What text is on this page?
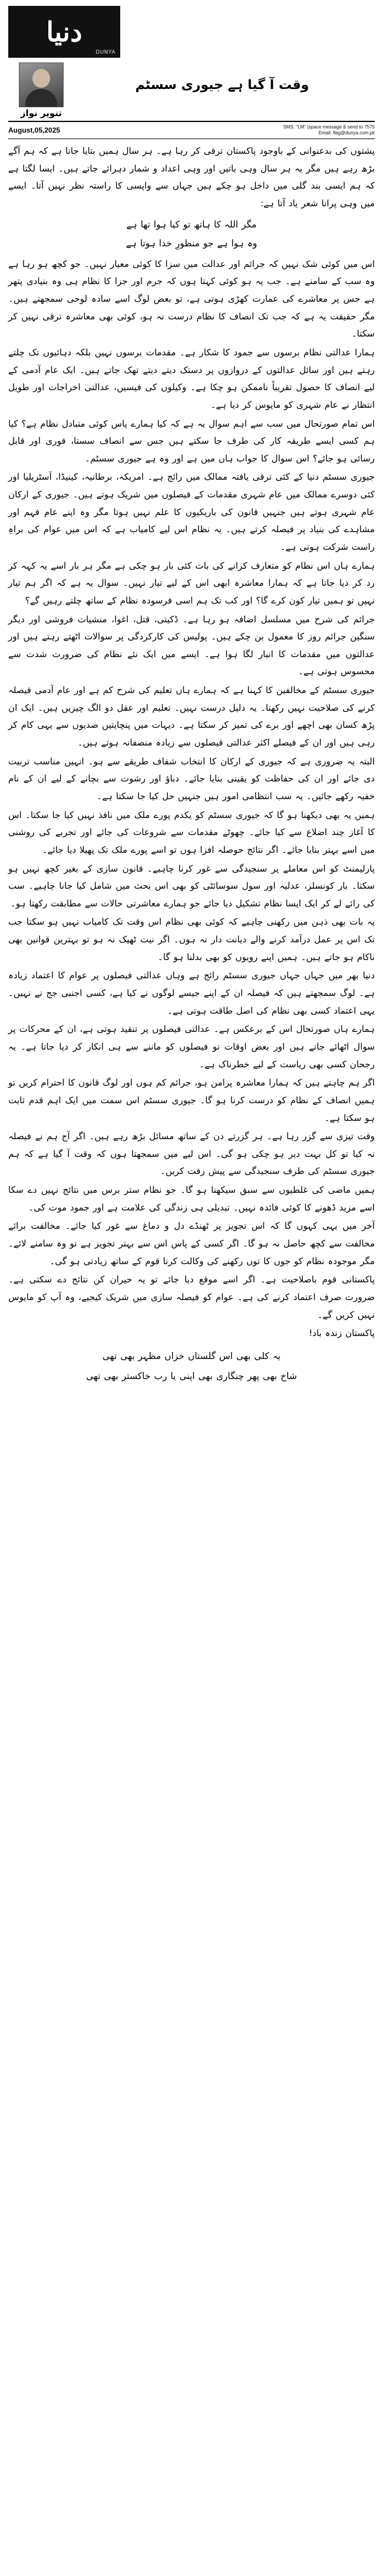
دنیا
DUNYA
وقت آ گیا ہے جیوری سسٹم
تنویر نواز
August,05,2025	SMS: "LM" (space message & send to 7575
Email: flag@dunya.com.pk

پشتوں کی بدعنوانی کے باوجود پاکستان ترقی کر رہا ہے۔ ہر سال ہمیں بتایا جاتا ہے کہ ہم آگے بڑھ رہے ہیں مگر یہ ہر سال وہی باتیں اور وہی اعداد و شمار دہرائے جاتے ہیں۔ ایسا لگتا ہے کہ ہم ایسی بند گلی میں داخل ہو چکے ہیں جہاں سے واپسی کا راستہ نظر نہیں آتا۔ ایسے میں وہی پرانا شعر یاد آتا ہے:

مگر اللہ کا ہاتھ تو کیا ہوا تھا ہے
وہ ہوا ہے جو منظورِ خدا ہوتا ہے

اس میں کوئی شک نہیں کہ جرائم اور عدالت میں سزا کا کوئی معیار نہیں۔ جو کچھ ہو رہا ہے وہ سب کے سامنے ہے۔ جب یہ ہو کوئی کہتا ہوں کہ جرم اور جزا کا نظام ہی وہ بنیادی پتھر ہے جس پر معاشرے کی عمارت کھڑی ہوتی ہے، تو بعض لوگ اسے سادہ لوحی سمجھتے ہیں۔ مگر حقیقت یہ ہے کہ جب تک انصاف کا نظام درست نہ ہو، کوئی بھی معاشرہ ترقی نہیں کر سکتا۔

ہمارا عدالتی نظام برسوں سے جمود کا شکار ہے۔ مقدمات برسوں نہیں بلکہ دہائیوں تک چلتے رہتے ہیں اور سائل عدالتوں کے دروازوں پر دستک دیتے دیتے تھک جاتے ہیں۔ ایک عام آدمی کے لیے انصاف کا حصول تقریباً ناممکن ہو چکا ہے۔ وکیلوں کی فیسیں، عدالتی اخراجات اور طویل انتظار نے عام شہری کو مایوس کر دیا ہے۔

اس تمام صورتحال میں سب سے اہم سوال یہ ہے کہ کیا ہمارے پاس کوئی متبادل نظام ہے؟ کیا ہم کسی ایسے طریقہ کار کی طرف جا سکتے ہیں جس سے انصاف سستا، فوری اور قابل رسائی ہو جائے؟ اس سوال کا جواب ہاں میں ہے اور وہ ہے جیوری سسٹم۔

جیوری سسٹم دنیا کے کئی ترقی یافتہ ممالک میں رائج ہے۔ امریکہ، برطانیہ، کینیڈا، آسٹریلیا اور کئی دوسرے ممالک میں عام شہری مقدمات کے فیصلوں میں شریک ہوتے ہیں۔ جیوری کے ارکان عام شہری ہوتے ہیں جنہیں قانون کی باریکیوں کا علم نہیں ہوتا مگر وہ اپنے عام فہم اور مشاہدے کی بنیاد پر فیصلہ کرتے ہیں۔ یہ نظام اس لیے کامیاب ہے کہ اس میں عوام کی براہِ راست شرکت ہوتی ہے۔

ہمارے ہاں اس نظام کو متعارف کرانے کی بات کئی بار ہو چکی ہے مگر ہر بار اسے یہ کہہ کر رد کر دیا جاتا ہے کہ ہمارا معاشرہ ابھی اس کے لیے تیار نہیں۔ سوال یہ ہے کہ اگر ہم تیار نہیں تو ہمیں تیار کون کرے گا؟ اور کب تک ہم اسی فرسودہ نظام کے ساتھ چلتے رہیں گے؟

جرائم کی شرح میں مسلسل اضافہ ہو رہا ہے۔ ڈکیتی، قتل، اغوا، منشیات فروشی اور دیگر سنگین جرائم روز کا معمول بن چکے ہیں۔ پولیس کی کارکردگی پر سوالات اٹھتے رہتے ہیں اور عدالتوں میں مقدمات کا انبار لگا ہوا ہے۔ ایسے میں ایک نئے نظام کی ضرورت شدت سے محسوس ہوتی ہے۔

جیوری سسٹم کے مخالفین کا کہنا ہے کہ ہمارے ہاں تعلیم کی شرح کم ہے اور عام آدمی فیصلہ کرنے کی صلاحیت نہیں رکھتا۔ یہ دلیل درست نہیں۔ تعلیم اور عقل دو الگ چیزیں ہیں۔ ایک ان پڑھ کسان بھی اچھے اور برے کی تمیز کر سکتا ہے۔ دیہات میں پنچایتیں صدیوں سے یہی کام کر رہی ہیں اور ان کے فیصلے اکثر عدالتی فیصلوں سے زیادہ منصفانہ ہوتے ہیں۔

البتہ یہ ضروری ہے کہ جیوری کے ارکان کا انتخاب شفاف طریقے سے ہو۔ انہیں مناسب تربیت دی جائے اور ان کی حفاظت کو یقینی بنایا جائے۔ دباؤ اور رشوت سے بچانے کے لیے ان کے نام خفیہ رکھے جائیں۔ یہ سب انتظامی امور ہیں جنہیں حل کیا جا سکتا ہے۔

ہمیں یہ بھی دیکھنا ہو گا کہ جیوری سسٹم کو یکدم پورے ملک میں نافذ نہیں کیا جا سکتا۔ اس کا آغاز چند اضلاع سے کیا جائے۔ چھوٹے مقدمات سے شروعات کی جائے اور تجربے کی روشنی میں اسے بہتر بنایا جائے۔ اگر نتائج حوصلہ افزا ہوں تو اسے پورے ملک تک پھیلا دیا جائے۔

پارلیمنٹ کو اس معاملے پر سنجیدگی سے غور کرنا چاہیے۔ قانون سازی کے بغیر کچھ نہیں ہو سکتا۔ بار کونسلز، عدلیہ اور سول سوسائٹی کو بھی اس بحث میں شامل کیا جانا چاہیے۔ سب کی رائے لے کر ایک ایسا نظام تشکیل دیا جائے جو ہمارے معاشرتی حالات سے مطابقت رکھتا ہو۔

یہ بات بھی ذہن میں رکھنی چاہیے کہ کوئی بھی نظام اس وقت تک کامیاب نہیں ہو سکتا جب تک اس پر عمل درآمد کرنے والے دیانت دار نہ ہوں۔ اگر نیت ٹھیک نہ ہو تو بہترین قوانین بھی ناکام ہو جاتے ہیں۔ ہمیں اپنے رویوں کو بھی بدلنا ہو گا۔

دنیا بھر میں جہاں جہاں جیوری سسٹم رائج ہے وہاں عدالتی فیصلوں پر عوام کا اعتماد زیادہ ہے۔ لوگ سمجھتے ہیں کہ فیصلہ ان کے اپنے جیسے لوگوں نے کیا ہے، کسی اجنبی جج نے نہیں۔ یہی اعتماد کسی بھی نظام کی اصل طاقت ہوتی ہے۔

ہمارے ہاں صورتحال اس کے برعکس ہے۔ عدالتی فیصلوں پر تنقید ہوتی ہے، ان کے محرکات پر سوال اٹھائے جاتے ہیں اور بعض اوقات تو فیصلوں کو ماننے سے ہی انکار کر دیا جاتا ہے۔ یہ رجحان کسی بھی ریاست کے لیے خطرناک ہے۔

اگر ہم چاہتے ہیں کہ ہمارا معاشرہ پرامن ہو، جرائم کم ہوں اور لوگ قانون کا احترام کریں تو ہمیں انصاف کے نظام کو درست کرنا ہو گا۔ جیوری سسٹم اس سمت میں ایک اہم قدم ثابت ہو سکتا ہے۔

وقت تیزی سے گزر رہا ہے۔ ہر گزرتے دن کے ساتھ مسائل بڑھ رہے ہیں۔ اگر آج ہم نے فیصلہ نہ کیا تو کل بہت دیر ہو چکی ہو گی۔ اس لیے میں سمجھتا ہوں کہ وقت آ گیا ہے کہ ہم جیوری سسٹم کی طرف سنجیدگی سے پیش رفت کریں۔

ہمیں ماضی کی غلطیوں سے سبق سیکھنا ہو گا۔ جو نظام ستر برس میں نتائج نہیں دے سکا اسے مزید ڈھونے کا کوئی فائدہ نہیں۔ تبدیلی ہی زندگی کی علامت ہے اور جمود موت کی۔

آخر میں یہی کہوں گا کہ اس تجویز پر ٹھنڈے دل و دماغ سے غور کیا جائے۔ مخالفت برائے مخالفت سے کچھ حاصل نہ ہو گا۔ اگر کسی کے پاس اس سے بہتر تجویز ہے تو وہ سامنے لائے۔ مگر موجودہ نظام کو جوں کا توں رکھنے کی وکالت کرنا قوم کے ساتھ زیادتی ہو گی۔

پاکستانی قوم باصلاحیت ہے۔ اگر اسے موقع دیا جائے تو یہ حیران کن نتائج دے سکتی ہے۔ ضرورت صرف اعتماد کرنے کی ہے۔ عوام کو فیصلہ سازی میں شریک کیجیے، وہ آپ کو مایوس نہیں کریں گے۔

پاکستان زندہ باد!

یہ کلی بھی اس گلستاں خزاں مظہر بھی تھی
شاخ بھی پھر چنگاری بھی اپنی یا رب خاکستر بھی تھی
